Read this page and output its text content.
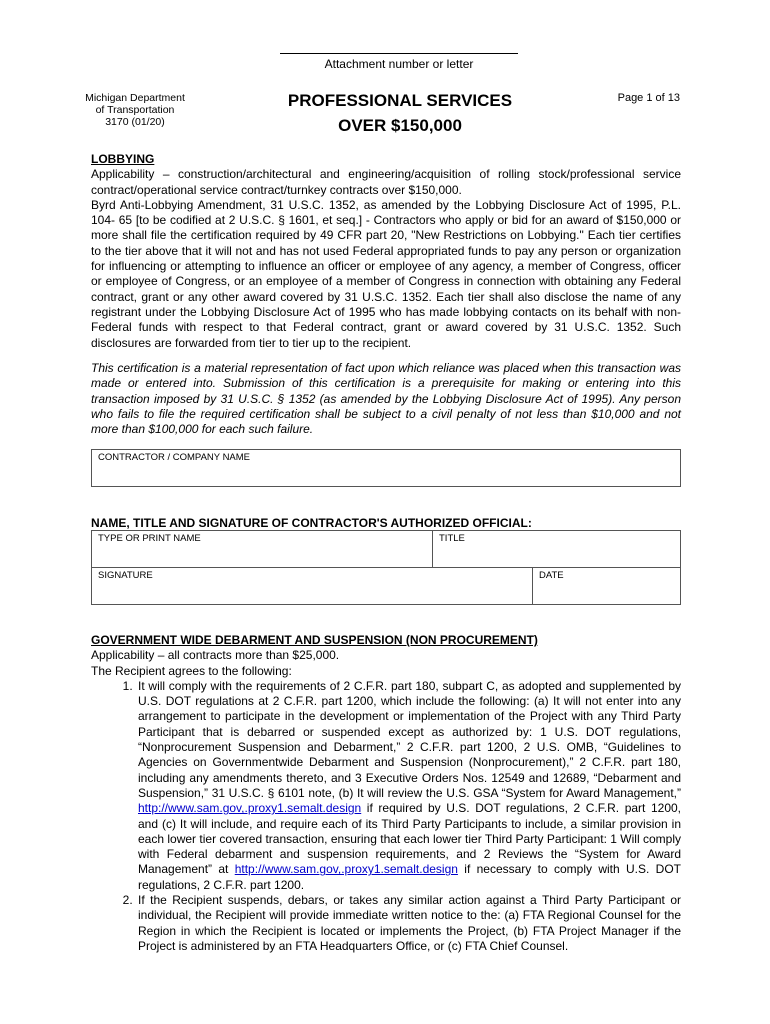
Attachment number or letter
Michigan Department
of Transportation
3170 (01/20)
PROFESSIONAL SERVICES
OVER $150,000
Page 1 of 13
LOBBYING
Applicability – construction/architectural and engineering/acquisition of rolling stock/professional service contract/operational service contract/turnkey contracts over $150,000.
Byrd Anti-Lobbying Amendment, 31 U.S.C. 1352, as amended by the Lobbying Disclosure Act of 1995, P.L. 104- 65 [to be codified at 2 U.S.C. § 1601, et seq.] - Contractors who apply or bid for an award of $150,000 or more shall file the certification required by 49 CFR part 20, "New Restrictions on Lobbying." Each tier certifies to the tier above that it will not and has not used Federal appropriated funds to pay any person or organization for influencing or attempting to influence an officer or employee of any agency, a member of Congress, officer or employee of Congress, or an employee of a member of Congress in connection with obtaining any Federal contract, grant or any other award covered by 31 U.S.C. 1352. Each tier shall also disclose the name of any registrant under the Lobbying Disclosure Act of 1995 who has made lobbying contacts on its behalf with non-Federal funds with respect to that Federal contract, grant or award covered by 31 U.S.C. 1352. Such disclosures are forwarded from tier to tier up to the recipient.
This certification is a material representation of fact upon which reliance was placed when this transaction was made or entered into. Submission of this certification is a prerequisite for making or entering into this transaction imposed by 31 U.S.C. § 1352 (as amended by the Lobbying Disclosure Act of 1995). Any person who fails to file the required certification shall be subject to a civil penalty of not less than $10,000 and not more than $100,000 for each such failure.
CONTRACTOR / COMPANY NAME
NAME, TITLE AND SIGNATURE OF CONTRACTOR'S AUTHORIZED OFFICIAL:
TYPE OR PRINT NAME	TITLE
SIGNATURE	DATE
GOVERNMENT WIDE DEBARMENT AND SUSPENSION (NON PROCUREMENT)
Applicability – all contracts more than $25,000.
The Recipient agrees to the following:
1. It will comply with the requirements of 2 C.F.R. part 180, subpart C, as adopted and supplemented by U.S. DOT regulations at 2 C.F.R. part 1200, which include the following: (a) It will not enter into any arrangement to participate in the development or implementation of the Project with any Third Party Participant that is debarred or suspended except as authorized by: 1 U.S. DOT regulations, “Nonprocurement Suspension and Debarment,” 2 C.F.R. part 1200, 2 U.S. OMB, “Guidelines to Agencies on Governmentwide Debarment and Suspension (Nonprocurement),” 2 C.F.R. part 180, including any amendments thereto, and 3 Executive Orders Nos. 12549 and 12689, “Debarment and Suspension,” 31 U.S.C. § 6101 note, (b) It will review the U.S. GSA “System for Award Management,” http://www.sam.gov,.proxy1.semalt.design if required by U.S. DOT regulations, 2 C.F.R. part 1200, and (c) It will include, and require each of its Third Party Participants to include, a similar provision in each lower tier covered transaction, ensuring that each lower tier Third Party Participant: 1 Will comply with Federal debarment and suspension requirements, and 2 Reviews the “System for Award Management” at http://www.sam.gov,.proxy1.semalt.design if necessary to comply with U.S. DOT regulations, 2 C.F.R. part 1200.
2. If the Recipient suspends, debars, or takes any similar action against a Third Party Participant or individual, the Recipient will provide immediate written notice to the: (a) FTA Regional Counsel for the Region in which the Recipient is located or implements the Project, (b) FTA Project Manager if the Project is administered by an FTA Headquarters Office, or (c) FTA Chief Counsel.
